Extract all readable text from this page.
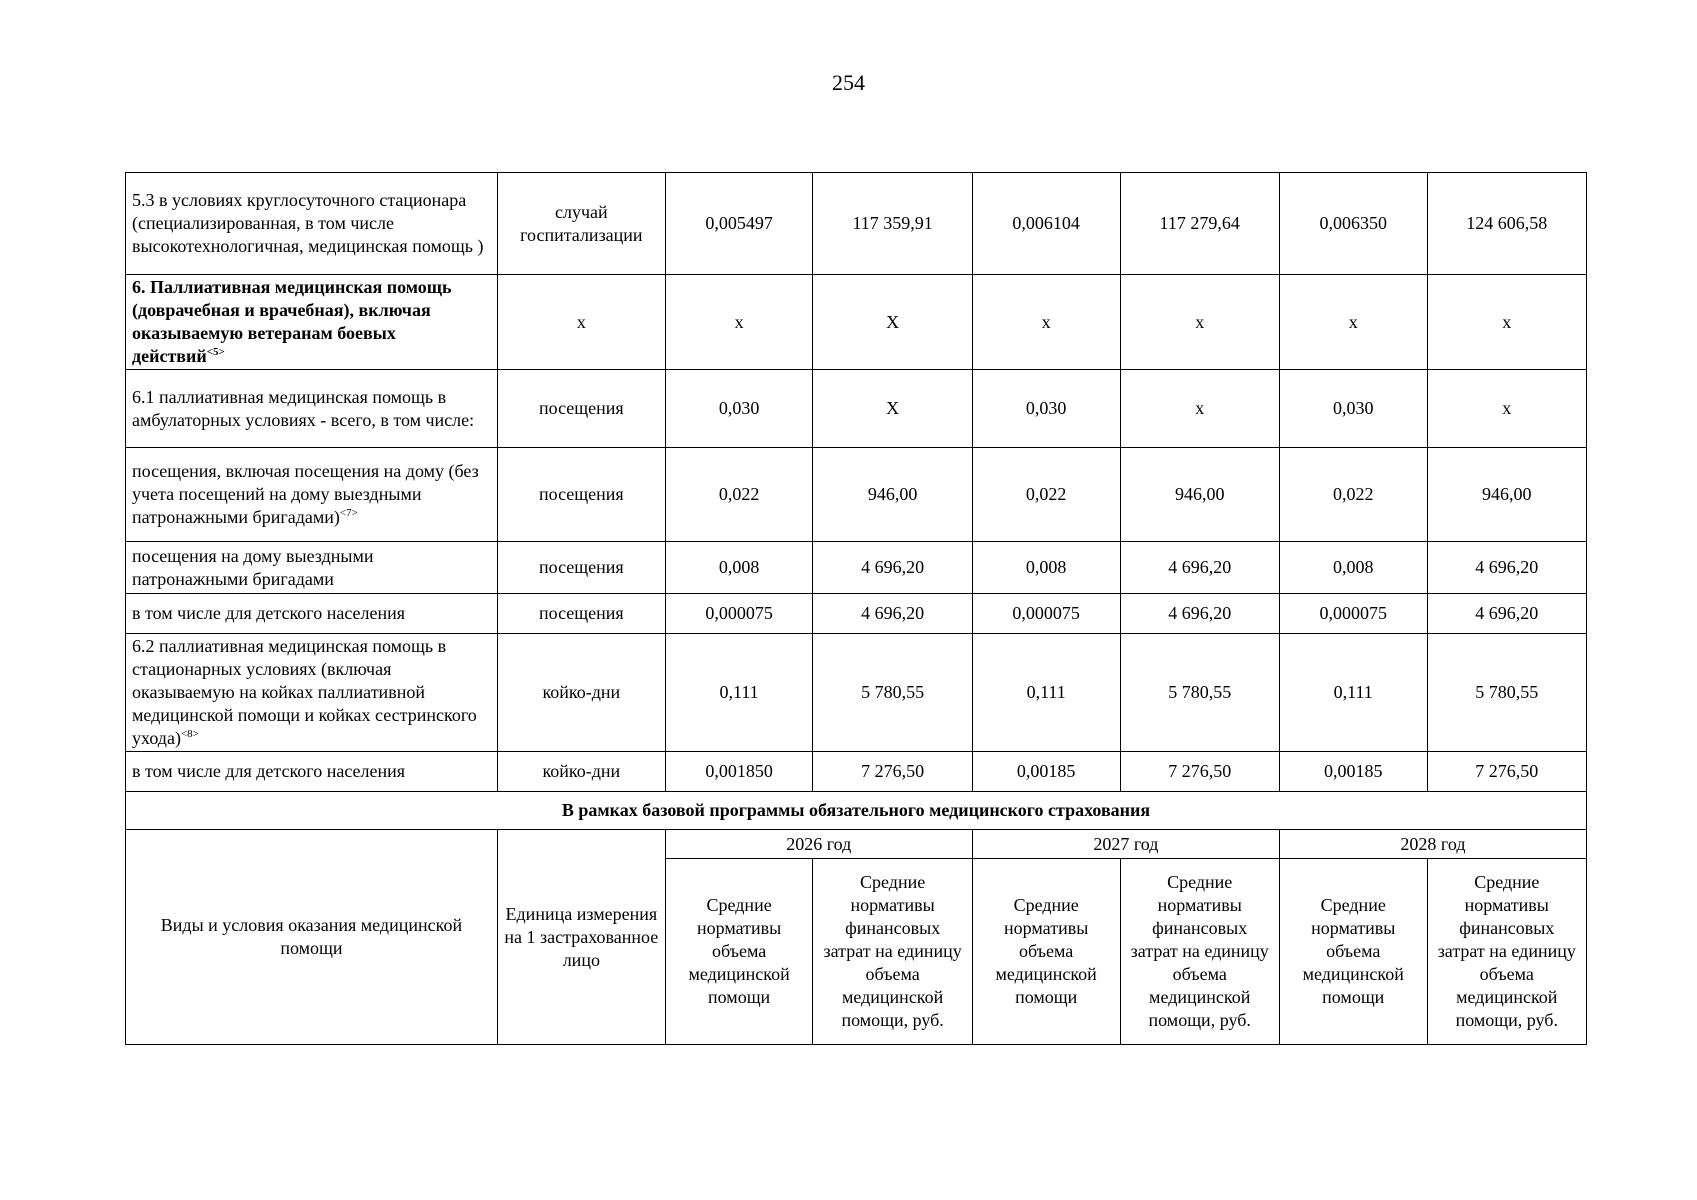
254
5.3 в условиях круглосуточного стационара (специализированная, в том числе высокотехнологичная, медицинская помощь )	случай госпитализации	0,005497	117 359,91	0,006104	117 279,64	0,006350	124 606,58
6. Паллиативная медицинская помощь (доврачебная и врачебная), включая оказываемую ветеранам боевых действий$^{<5>}$	х	х	Х	х	х	х	х
6.1 паллиативная медицинская помощь в амбулаторных условиях - всего, в том числе:	посещения	0,030	Х	0,030	х	0,030	х
посещения, включая посещения на дому (без учета посещений на дому выездными патронажными бригадами)$^{<7>}$	посещения	0,022	946,00	0,022	946,00	0,022	946,00
посещения на дому выездными патронажными бригадами	посещения	0,008	4 696,20	0,008	4 696,20	0,008	4 696,20
в том числе для детского населения	посещения	0,000075	4 696,20	0,000075	4 696,20	0,000075	4 696,20
6.2 паллиативная медицинская помощь в стационарных условиях (включая оказываемую на койках паллиативной медицинской помощи и койках сестринского ухода)$^{<8>}$	койко-дни	0,111	5 780,55	0,111	5 780,55	0,111	5 780,55
в том числе для детского населения	койко-дни	0,001850	7 276,50	0,00185	7 276,50	0,00185	7 276,50
В рамках базовой программы обязательного медицинского страхования							
Виды и условия оказания медицинской помощи	Единица измерения на 1 застрахованное лицо	2026 год		2027 год		2028 год	
		Средние нормативы объема медицинской помощи	Средние нормативы финансовых затрат на единицу объема медицинской помощи, руб.	Средние нормативы объема медицинской помощи	Средние нормативы финансовых затрат на единицу объема медицинской помощи, руб.	Средние нормативы объема медицинской помощи	Средние нормативы финансовых затрат на единицу объема медицинской помощи, руб.
